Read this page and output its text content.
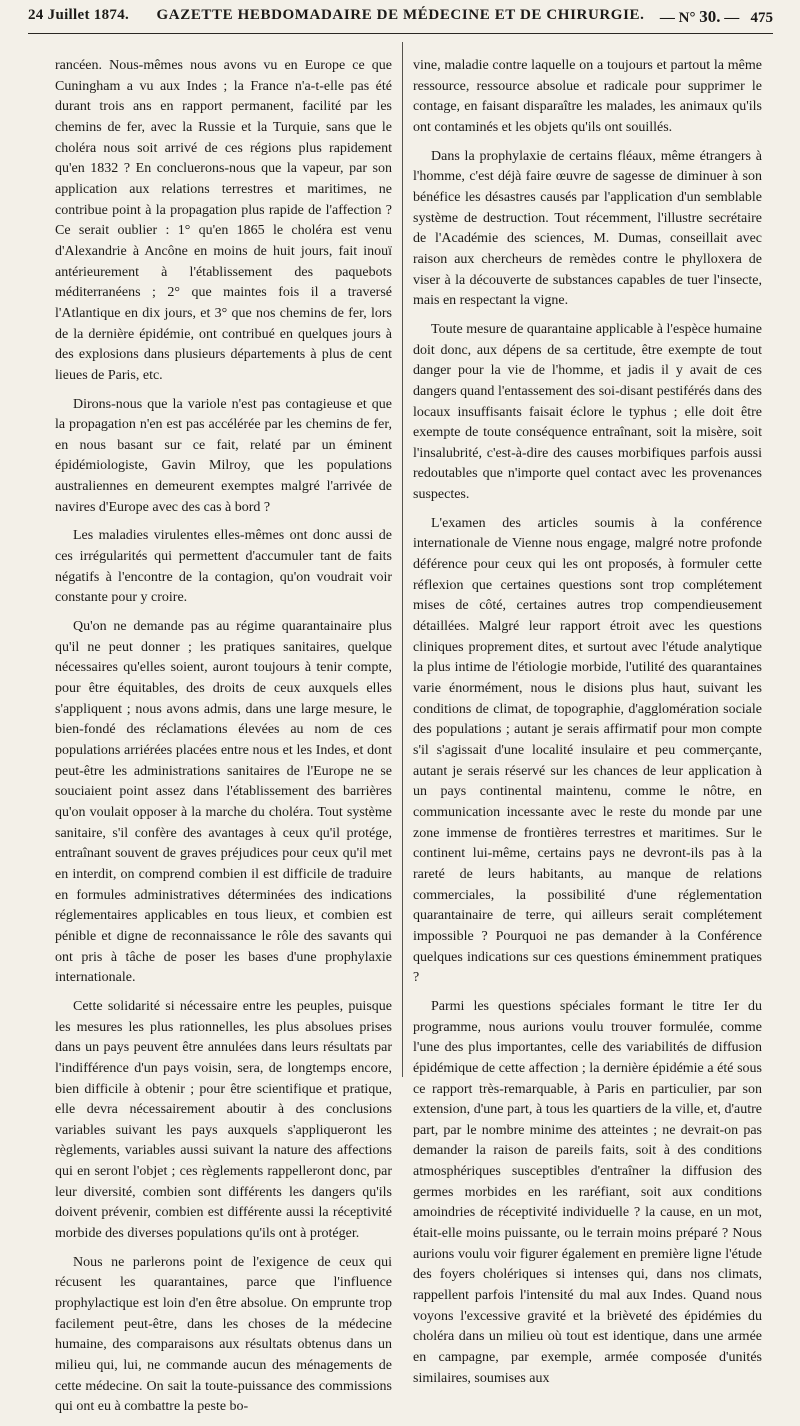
24 Juillet 1874.	GAZETTE HEBDOMADAIRE DE MÉDECINE ET DE CHIRURGIE.	— N° 30. — 475

rancéen. Nous-mêmes nous avons vu en Europe ce que Cuningham a vu aux Indes ; la France n'a-t-elle pas été durant trois ans en rapport permanent, facilité par les chemins de fer, avec la Russie et la Turquie, sans que le choléra nous soit arrivé de ces régions plus rapidement qu'en 1832 ? En concluerons-nous que la vapeur, par son application aux relations terrestres et maritimes, ne contribue point à la propagation plus rapide de l'affection ? Ce serait oublier : 1° qu'en 1865 le choléra est venu d'Alexandrie à Ancône en moins de huit jours, fait inouï antérieurement à l'établissement des paquebots méditerranéens ; 2° que maintes fois il a traversé l'Atlantique en dix jours, et 3° que nos chemins de fer, lors de la dernière épidémie, ont contribué en quelques jours à des explosions dans plusieurs départements à plus de cent lieues de Paris, etc.

Dirons-nous que la variole n'est pas contagieuse et que la propagation n'en est pas accélérée par les chemins de fer, en nous basant sur ce fait, relaté par un éminent épidémiologiste, Gavin Milroy, que les populations australiennes en demeurent exemptes malgré l'arrivée de navires d'Europe avec des cas à bord ?

Les maladies virulentes elles-mêmes ont donc aussi de ces irrégularités qui permettent d'accumuler tant de faits négatifs à l'encontre de la contagion, qu'on voudrait voir constante pour y croire.

Qu'on ne demande pas au régime quarantainaire plus qu'il ne peut donner ; les pratiques sanitaires, quelque nécessaires qu'elles soient, auront toujours à tenir compte, pour être équitables, des droits de ceux auxquels elles s'appliquent ; nous avons admis, dans une large mesure, le bien-fondé des réclamations élevées au nom de ces populations arriérées placées entre nous et les Indes, et dont peut-être les administrations sanitaires de l'Europe ne se souciaient point assez dans l'établissement des barrières qu'on voulait opposer à la marche du choléra. Tout système sanitaire, s'il confère des avantages à ceux qu'il protége, entraînant souvent de graves préjudices pour ceux qu'il met en interdit, on comprend combien il est difficile de traduire en formules administratives déterminées des indications réglementaires applicables en tous lieux, et combien est pénible et digne de reconnaissance le rôle des savants qui ont pris à tâche de poser les bases d'une prophylaxie internationale.

Cette solidarité si nécessaire entre les peuples, puisque les mesures les plus rationnelles, les plus absolues prises dans un pays peuvent être annulées dans leurs résultats par l'indifférence d'un pays voisin, sera, de longtemps encore, bien difficile à obtenir ; pour être scientifique et pratique, elle devra nécessairement aboutir à des conclusions variables suivant les pays auxquels s'appliqueront les règlements, variables aussi suivant la nature des affections qui en seront l'objet ; ces règlements rappelleront donc, par leur diversité, combien sont différents les dangers qu'ils doivent prévenir, combien est différente aussi la réceptivité morbide des diverses populations qu'ils ont à protéger.

Nous ne parlerons point de l'exigence de ceux qui récusent les quarantaines, parce que l'influence prophylactique est loin d'en être absolue. On emprunte trop facilement peut-être, dans les choses de la médecine humaine, des comparaisons aux résultats obtenus dans un milieu qui, lui, ne commande aucun des ménagements de cette médecine. On sait la toute-puissance des commissions qui ont eu à combattre la peste bo-

vine, maladie contre laquelle on a toujours et partout la même ressource, ressource absolue et radicale pour supprimer le contage, en faisant disparaître les malades, les animaux qu'ils ont contaminés et les objets qu'ils ont souillés.

Dans la prophylaxie de certains fléaux, même étrangers à l'homme, c'est déjà faire œuvre de sagesse de diminuer à son bénéfice les désastres causés par l'application d'un semblable système de destruction. Tout récemment, l'illustre secrétaire de l'Académie des sciences, M. Dumas, conseillait avec raison aux chercheurs de remèdes contre le phylloxera de viser à la découverte de substances capables de tuer l'insecte, mais en respectant la vigne.

Toute mesure de quarantaine applicable à l'espèce humaine doit donc, aux dépens de sa certitude, être exempte de tout danger pour la vie de l'homme, et jadis il y avait de ces dangers quand l'entassement des soi-disant pestiférés dans des locaux insuffisants faisait éclore le typhus ; elle doit être exempte de toute conséquence entraînant, soit la misère, soit l'insalubrité, c'est-à-dire des causes morbifiques parfois aussi redoutables que n'importe quel contact avec les provenances suspectes.

L'examen des articles soumis à la conférence internationale de Vienne nous engage, malgré notre profonde déférence pour ceux qui les ont proposés, à formuler cette réflexion que certaines questions sont trop complétement mises de côté, certaines autres trop compendieusement détaillées. Malgré leur rapport étroit avec les questions cliniques proprement dites, et surtout avec l'étude analytique la plus intime de l'étiologie morbide, l'utilité des quarantaines varie énormément, nous le disions plus haut, suivant les conditions de climat, de topographie, d'agglomération sociale des populations ; autant je serais affirmatif pour mon compte s'il s'agissait d'une localité insulaire et peu commerçante, autant je serais réservé sur les chances de leur application à un pays continental maintenu, comme le nôtre, en communication incessante avec le reste du monde par une zone immense de frontières terrestres et maritimes. Sur le continent lui-même, certains pays ne devront-ils pas à la rareté de leurs habitants, au manque de relations commerciales, la possibilité d'une réglementation quarantainaire de terre, qui ailleurs serait complétement impossible ? Pourquoi ne pas demander à la Conférence quelques indications sur ces questions éminemment pratiques ?

Parmi les questions spéciales formant le titre Ier du programme, nous aurions voulu trouver formulée, comme l'une des plus importantes, celle des variabilités de diffusion épidémique de cette affection ; la dernière épidémie a été sous ce rapport très-remarquable, à Paris en particulier, par son extension, d'une part, à tous les quartiers de la ville, et, d'autre part, par le nombre minime des atteintes ; ne devrait-on pas demander la raison de pareils faits, soit à des conditions atmosphériques susceptibles d'entraîner la diffusion des germes morbides en les raréfiant, soit aux conditions amoindries de réceptivité individuelle ? la cause, en un mot, était-elle moins puissante, ou le terrain moins préparé ? Nous aurions voulu voir figurer également en première ligne l'étude des foyers cholériques si intenses qui, dans nos climats, rappellent parfois l'intensité du mal aux Indes. Quand nous voyons l'excessive gravité et la brièveté des épidémies du choléra dans un milieu où tout est identique, dans une armée en campagne, par exemple, armée composée d'unités similaires, soumises aux
